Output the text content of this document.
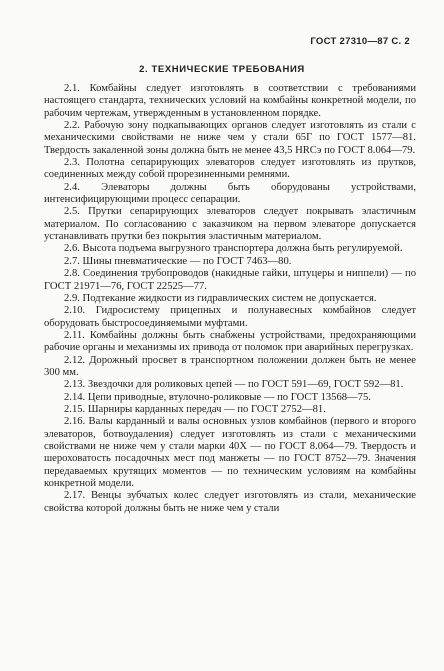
ГОСТ 27310—87 С. 2
2. ТЕХНИЧЕСКИЕ ТРЕБОВАНИЯ

2.1. Комбайны следует изготовлять в соответствии с требованиями настоящего стандарта, технических условий на комбайны конкретной модели, по рабочим чертежам, утвержденным в установленном порядке.

2.2. Рабочую зону подкапывающих органов следует изготовлять из стали с механическими свойствами не ниже чем у стали 65Г по ГОСТ 1577—81. Твердость закаленной зоны должна быть не менее 43,5 HRCэ по ГОСТ 8.064—79.

2.3. Полотна сепарирующих элеваторов следует изготовлять из прутков, соединенных между собой прорезиненными ремнями.

2.4. Элеваторы должны быть оборудованы устройствами, интенсифицирующими процесс сепарации.

2.5. Прутки сепарирующих элеваторов следует покрывать эластичным материалом. По согласованию с заказчиком на первом элеваторе допускается устанавливать прутки без покрытия эластичным материалом.

2.6. Высота подъема выгрузного транспортера должна быть регулируемой.

2.7. Шины пневматические — по ГОСТ 7463—80.

2.8. Соединения трубопроводов (накидные гайки, штуцеры и ниппели) — по ГОСТ 21971—76, ГОСТ 22525—77.

2.9. Подтекание жидкости из гидравлических систем не допускается.

2.10. Гидросистему прицепных и полунавесных комбайнов следует оборудовать быстросоединяемыми муфтами.

2.11. Комбайны должны быть снабжены устройствами, предохраняющими рабочие органы и механизмы их привода от поломок при аварийных перегрузках.

2.12. Дорожный просвет в транспортном положении должен быть не менее 300 мм.

2.13. Звездочки для роликовых цепей — по ГОСТ 591—69, ГОСТ 592—81.

2.14. Цепи приводные, втулочно-роликовые — по ГОСТ 13568—75.

2.15. Шарниры карданных передач — по ГОСТ 2752—81.

2.16. Валы карданный и валы основных узлов комбайнов (первого и второго элеваторов, ботвоудаления) следует изготовлять из стали с механическими свойствами не ниже чем у стали марки 40Х — по ГОСТ 8.064—79. Твердость и шероховатость посадочных мест под манжеты — по ГОСТ 8752—79. Значения передаваемых крутящих моментов — по техническим условиям на комбайны конкретной модели.

2.17. Венцы зубчатых колес следует изготовлять из стали, механические свойства которой должны быть не ниже чем у стали
